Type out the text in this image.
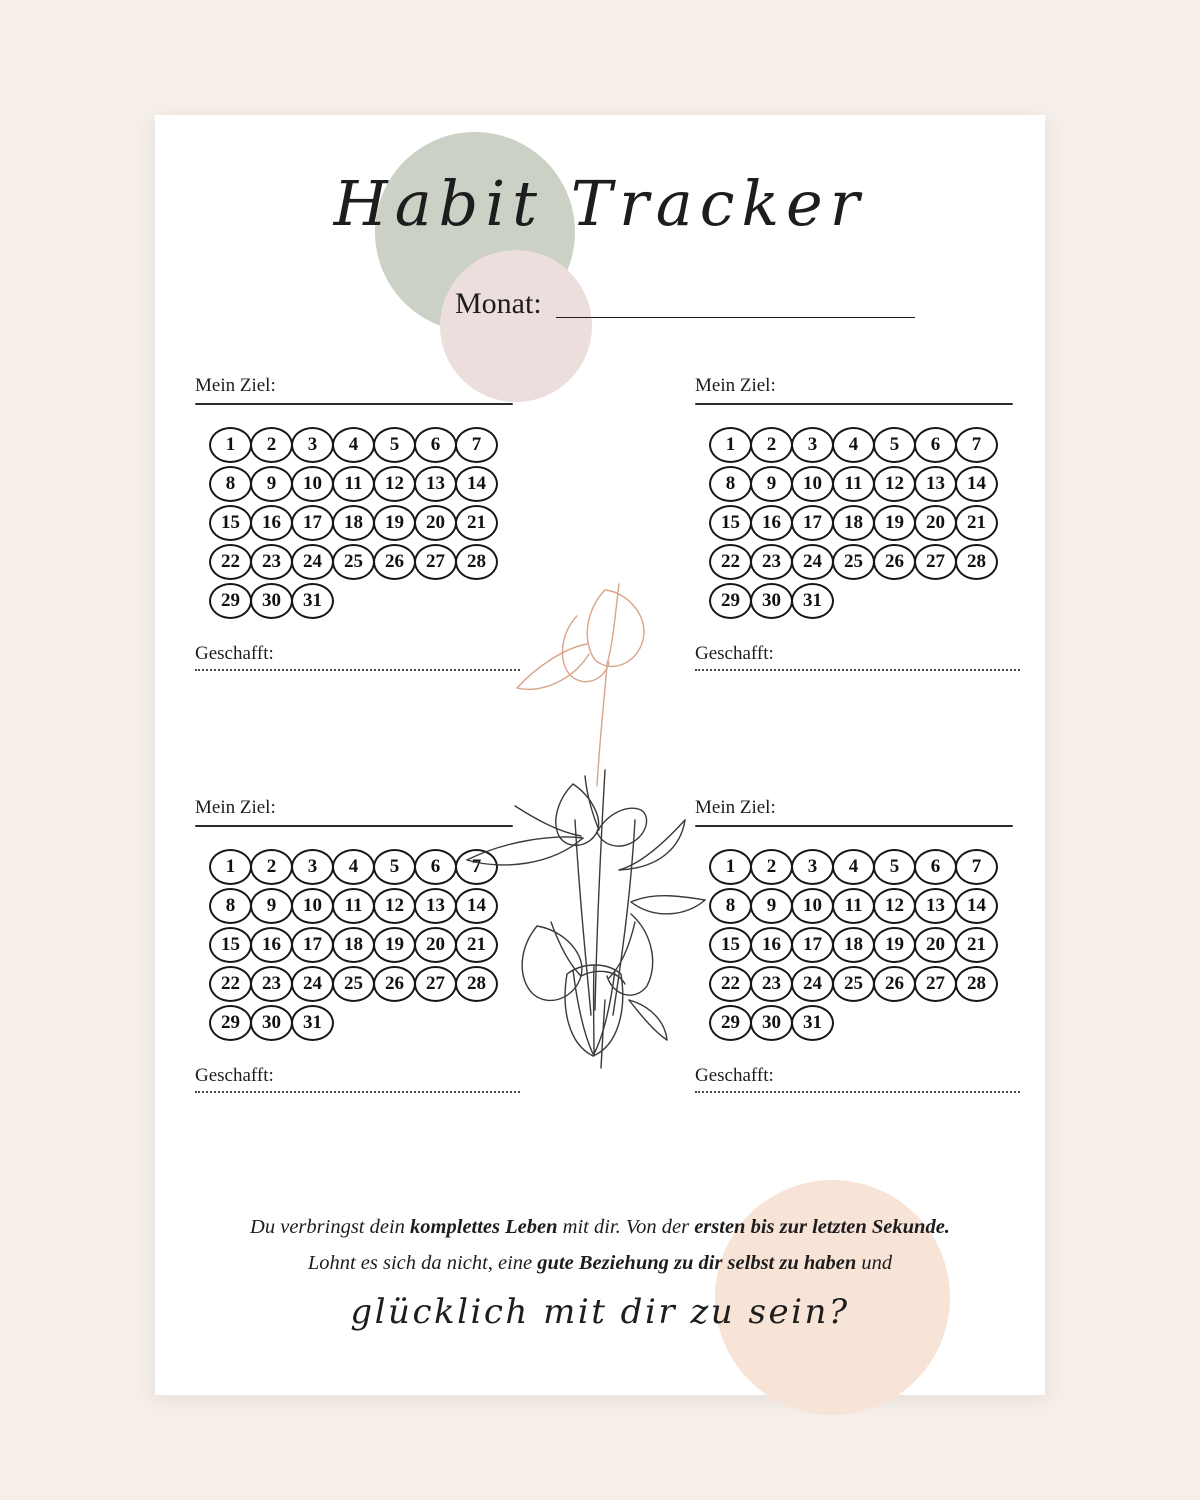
Habit Tracker
Monat:
Mein Ziel:
1	2	3	4	5	6	7
8	9	10	11	12	13	14
15	16	17	18	19	20	21
22	23	24	25	26	27	28
29	30	31
Geschafft:
Mein Ziel:
1	2	3	4	5	6	7
8	9	10	11	12	13	14
15	16	17	18	19	20	21
22	23	24	25	26	27	28
29	30	31
Geschafft:
Mein Ziel:
1	2	3	4	5	6	7
8	9	10	11	12	13	14
15	16	17	18	19	20	21
22	23	24	25	26	27	28
29	30	31
Geschafft:
Mein Ziel:
1	2	3	4	5	6	7
8	9	10	11	12	13	14
15	16	17	18	19	20	21
22	23	24	25	26	27	28
29	30	31
Geschafft:
Du verbringst dein komplettes Leben mit dir. Von der ersten bis zur letzten Sekunde.
Lohnt es sich da nicht, eine gute Beziehung zu dir selbst zu haben und
glücklich mit dir zu sein?
